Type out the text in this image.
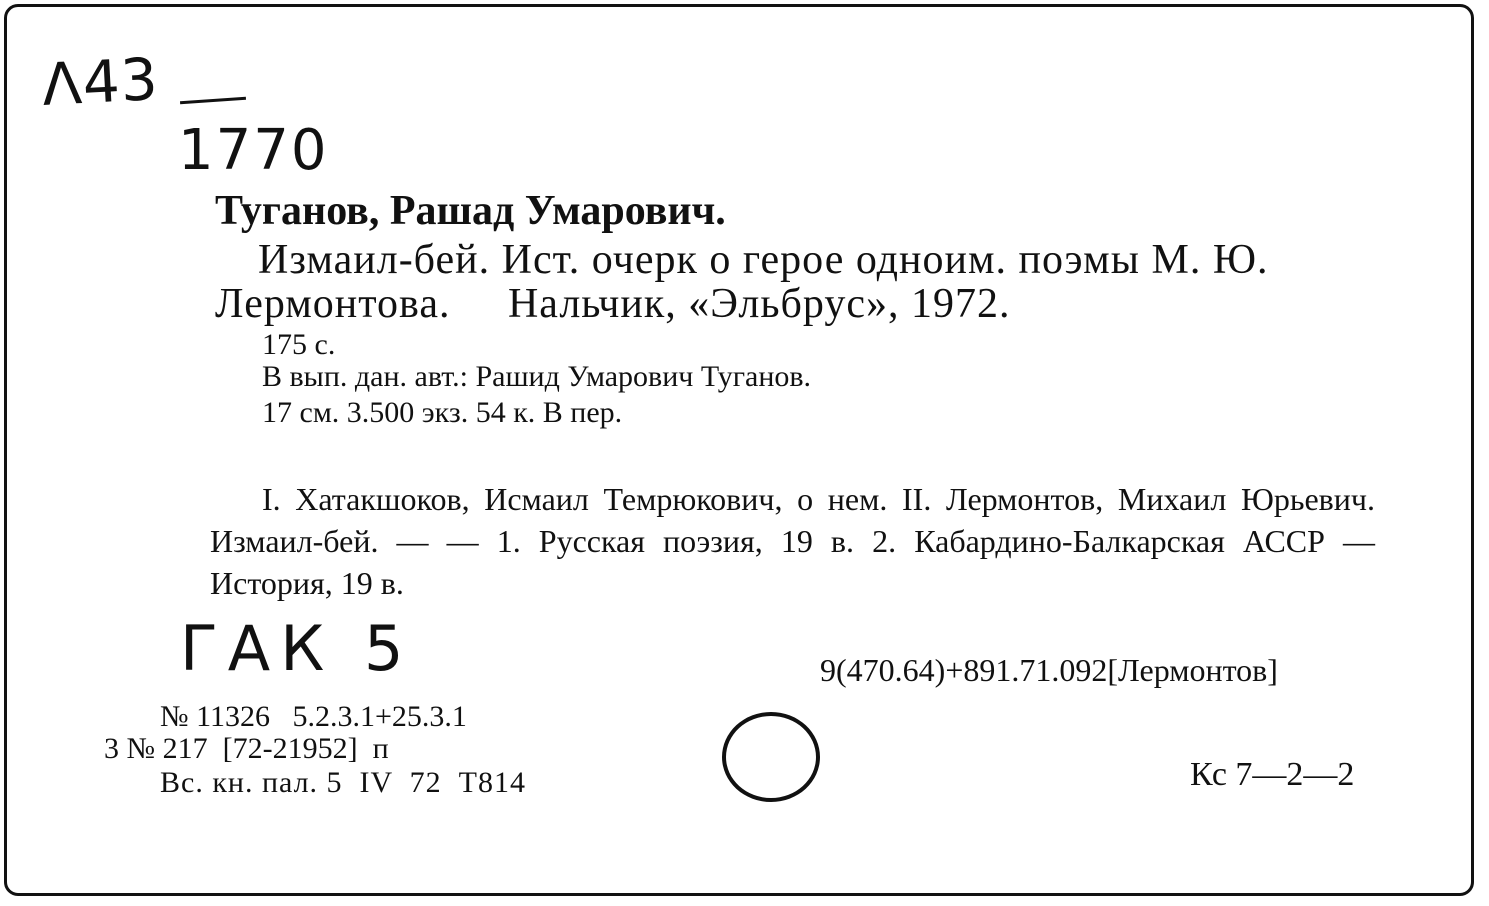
Λ43
1770
Туганов, Рашад Умарович.
Измаил-бей. Ист. очерк о герое одноим. поэмы М. Ю.
Лермонтова.     Нальчик, «Эльбрус», 1972.
175 с.
В вып. дан. авт.: Рашид Умарович Туганов.
17 см. 3.500 экз. 54 к. В пер.
I. Хатакшоков, Исмаил Темрюкович, о нем. II. Лермонтов, Михаил Юрьевич. Измаил-бей. — — 1. Русская поэзия, 19 в. 2. Кабардино-Балкарская АССР — История, 19 в.
ГАК 5	9(470.64)+891.71.092[Лермонтов]
№ 11326   5.2.3.1+25.3.1
3 № 217  [72-21952]  п
Вс. кн. пал. 5  IV  72  Т814	Кс 7—2—2
